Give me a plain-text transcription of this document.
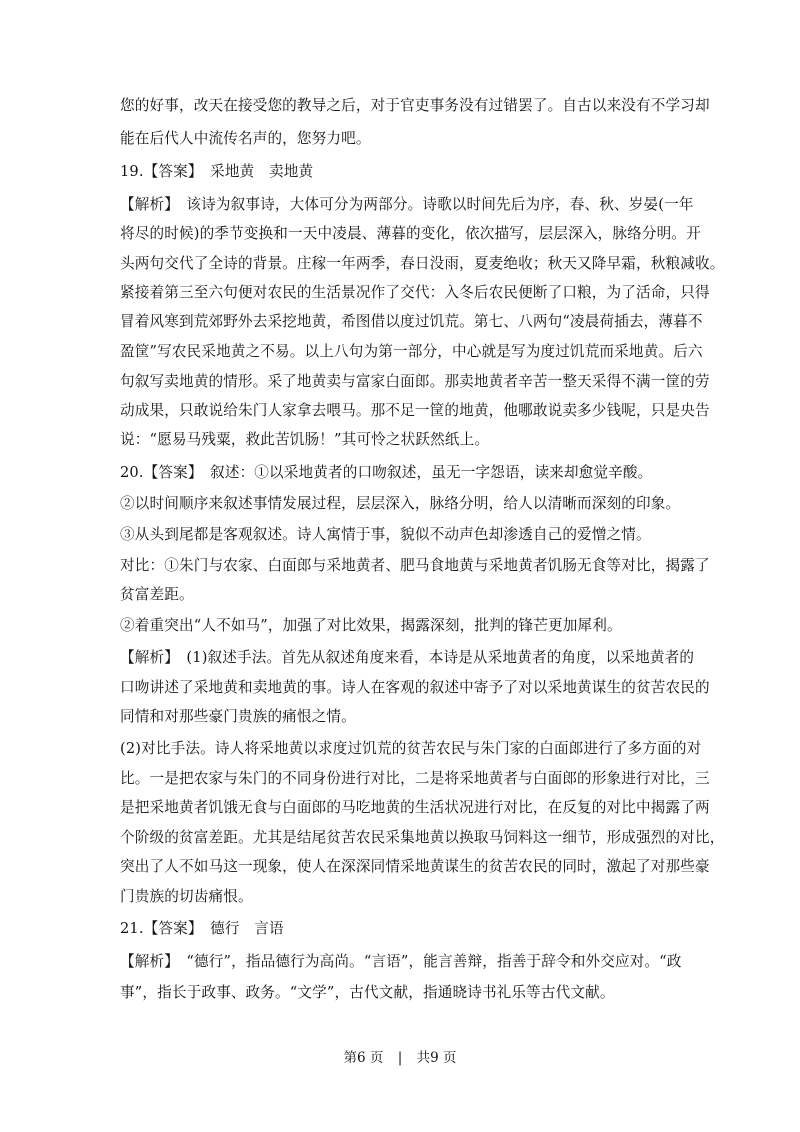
您的好事，改天在接受您的教导之后，对于官吏事务没有过错罢了。自古以来没有不学习却
能在后代人中流传名声的，您努力吧。
19.【答案】　采地黄　卖地黄
【解析】　该诗为叙事诗，大体可分为两部分。诗歌以时间先后为序，春、秋、岁晏(一年
将尽的时候)的季节变换和一天中凌晨、薄暮的变化，依次描写，层层深入，脉络分明。开
头两句交代了全诗的背景。庄稼一年两季，春日没雨，夏麦绝收；秋天又降早霜，秋粮减收。
紧接着第三至六句便对农民的生活景况作了交代：入冬后农民便断了口粮，为了活命，只得
冒着风寒到荒郊野外去采挖地黄，希图借以度过饥荒。第七、八两句“凌晨荷插去，薄暮不
盈筐”写农民采地黄之不易。以上八句为第一部分，中心就是写为度过饥荒而采地黄。后六
句叙写卖地黄的情形。采了地黄卖与富家白面郎。那卖地黄者辛苦一整天采得不满一筐的劳
动成果，只敢说给朱门人家拿去喂马。那不足一筐的地黄，他哪敢说卖多少钱呢，只是央告
说：“愿易马残粟，救此苦饥肠！”其可怜之状跃然纸上。
20.【答案】　叙述：①以采地黄者的口吻叙述，虽无一字怨语，读来却愈觉辛酸。
②以时间顺序来叙述事情发展过程，层层深入，脉络分明，给人以清晰而深刻的印象。
③从头到尾都是客观叙述。诗人寓情于事，貌似不动声色却渗透自己的爱憎之情。
对比：①朱门与农家、白面郎与采地黄者、肥马食地黄与采地黄者饥肠无食等对比，揭露了
贫富差距。
②着重突出“人不如马”，加强了对比效果，揭露深刻，批判的锋芒更加犀利。
【解析】　(1)叙述手法。首先从叙述角度来看，本诗是从采地黄者的角度，以采地黄者的
口吻讲述了采地黄和卖地黄的事。诗人在客观的叙述中寄予了对以采地黄谋生的贫苦农民的
同情和对那些豪门贵族的痛恨之情。
(2)对比手法。诗人将采地黄以求度过饥荒的贫苦农民与朱门家的白面郎进行了多方面的对
比。一是把农家与朱门的不同身份进行对比，二是将采地黄者与白面郎的形象进行对比，三
是把采地黄者饥饿无食与白面郎的马吃地黄的生活状况进行对比，在反复的对比中揭露了两
个阶级的贫富差距。尤其是结尾贫苦农民采集地黄以换取马饲料这一细节，形成强烈的对比，
突出了人不如马这一现象，使人在深深同情采地黄谋生的贫苦农民的同时，激起了对那些豪
门贵族的切齿痛恨。
21.【答案】　德行　言语
【解析】　“德行”，指品德行为高尚。“言语”，能言善辩，指善于辞令和外交应对。“政
事”，指长于政事、政务。“文学”，古代文献，指通晓诗书礼乐等古代文献。
第6 页 | 共9 页
